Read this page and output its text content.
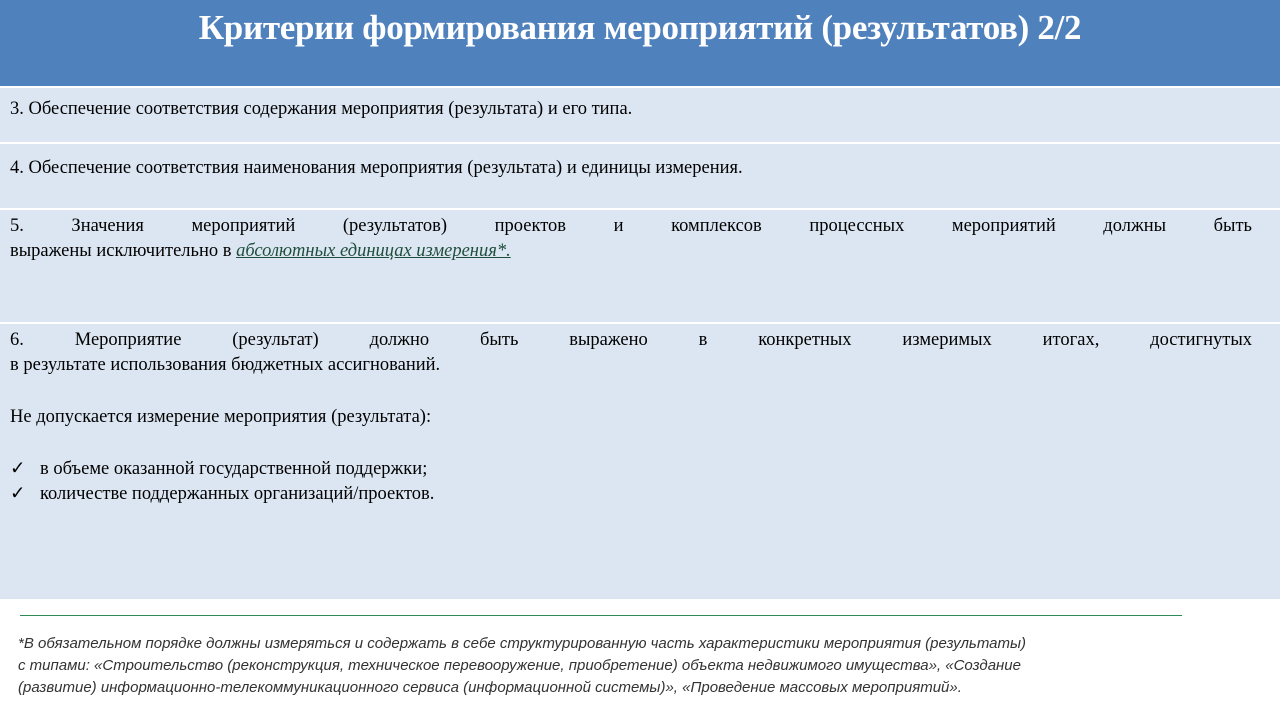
Критерии формирования мероприятий (результатов) 2/2
3. Обеспечение соответствия содержания мероприятия (результата) и его типа.
4. Обеспечение соответствия наименования мероприятия (результата) и единицы измерения.
5. Значения мероприятий (результатов) проектов и комплексов процессных мероприятий должны быть
выражены исключительно в абсолютных единицах измерения*.
6. Мероприятие (результат) должно быть выражено в конкретных измеримых итогах, достигнутых
в результате использования бюджетных ассигнований.
Не допускается измерение мероприятия (результата):
✓ в объеме оказанной государственной поддержки;
✓ количестве поддержанных организаций/проектов.
*В обязательном порядке должны измеряться и содержать в себе структурированную часть характеристики мероприятия (результаты)
с типами: «Строительство (реконструкция, техническое перевооружение, приобретение) объекта недвижимого имущества», «Создание
(развитие) информационно-телекоммуникационного сервиса (информационной системы)», «Проведение массовых мероприятий».
